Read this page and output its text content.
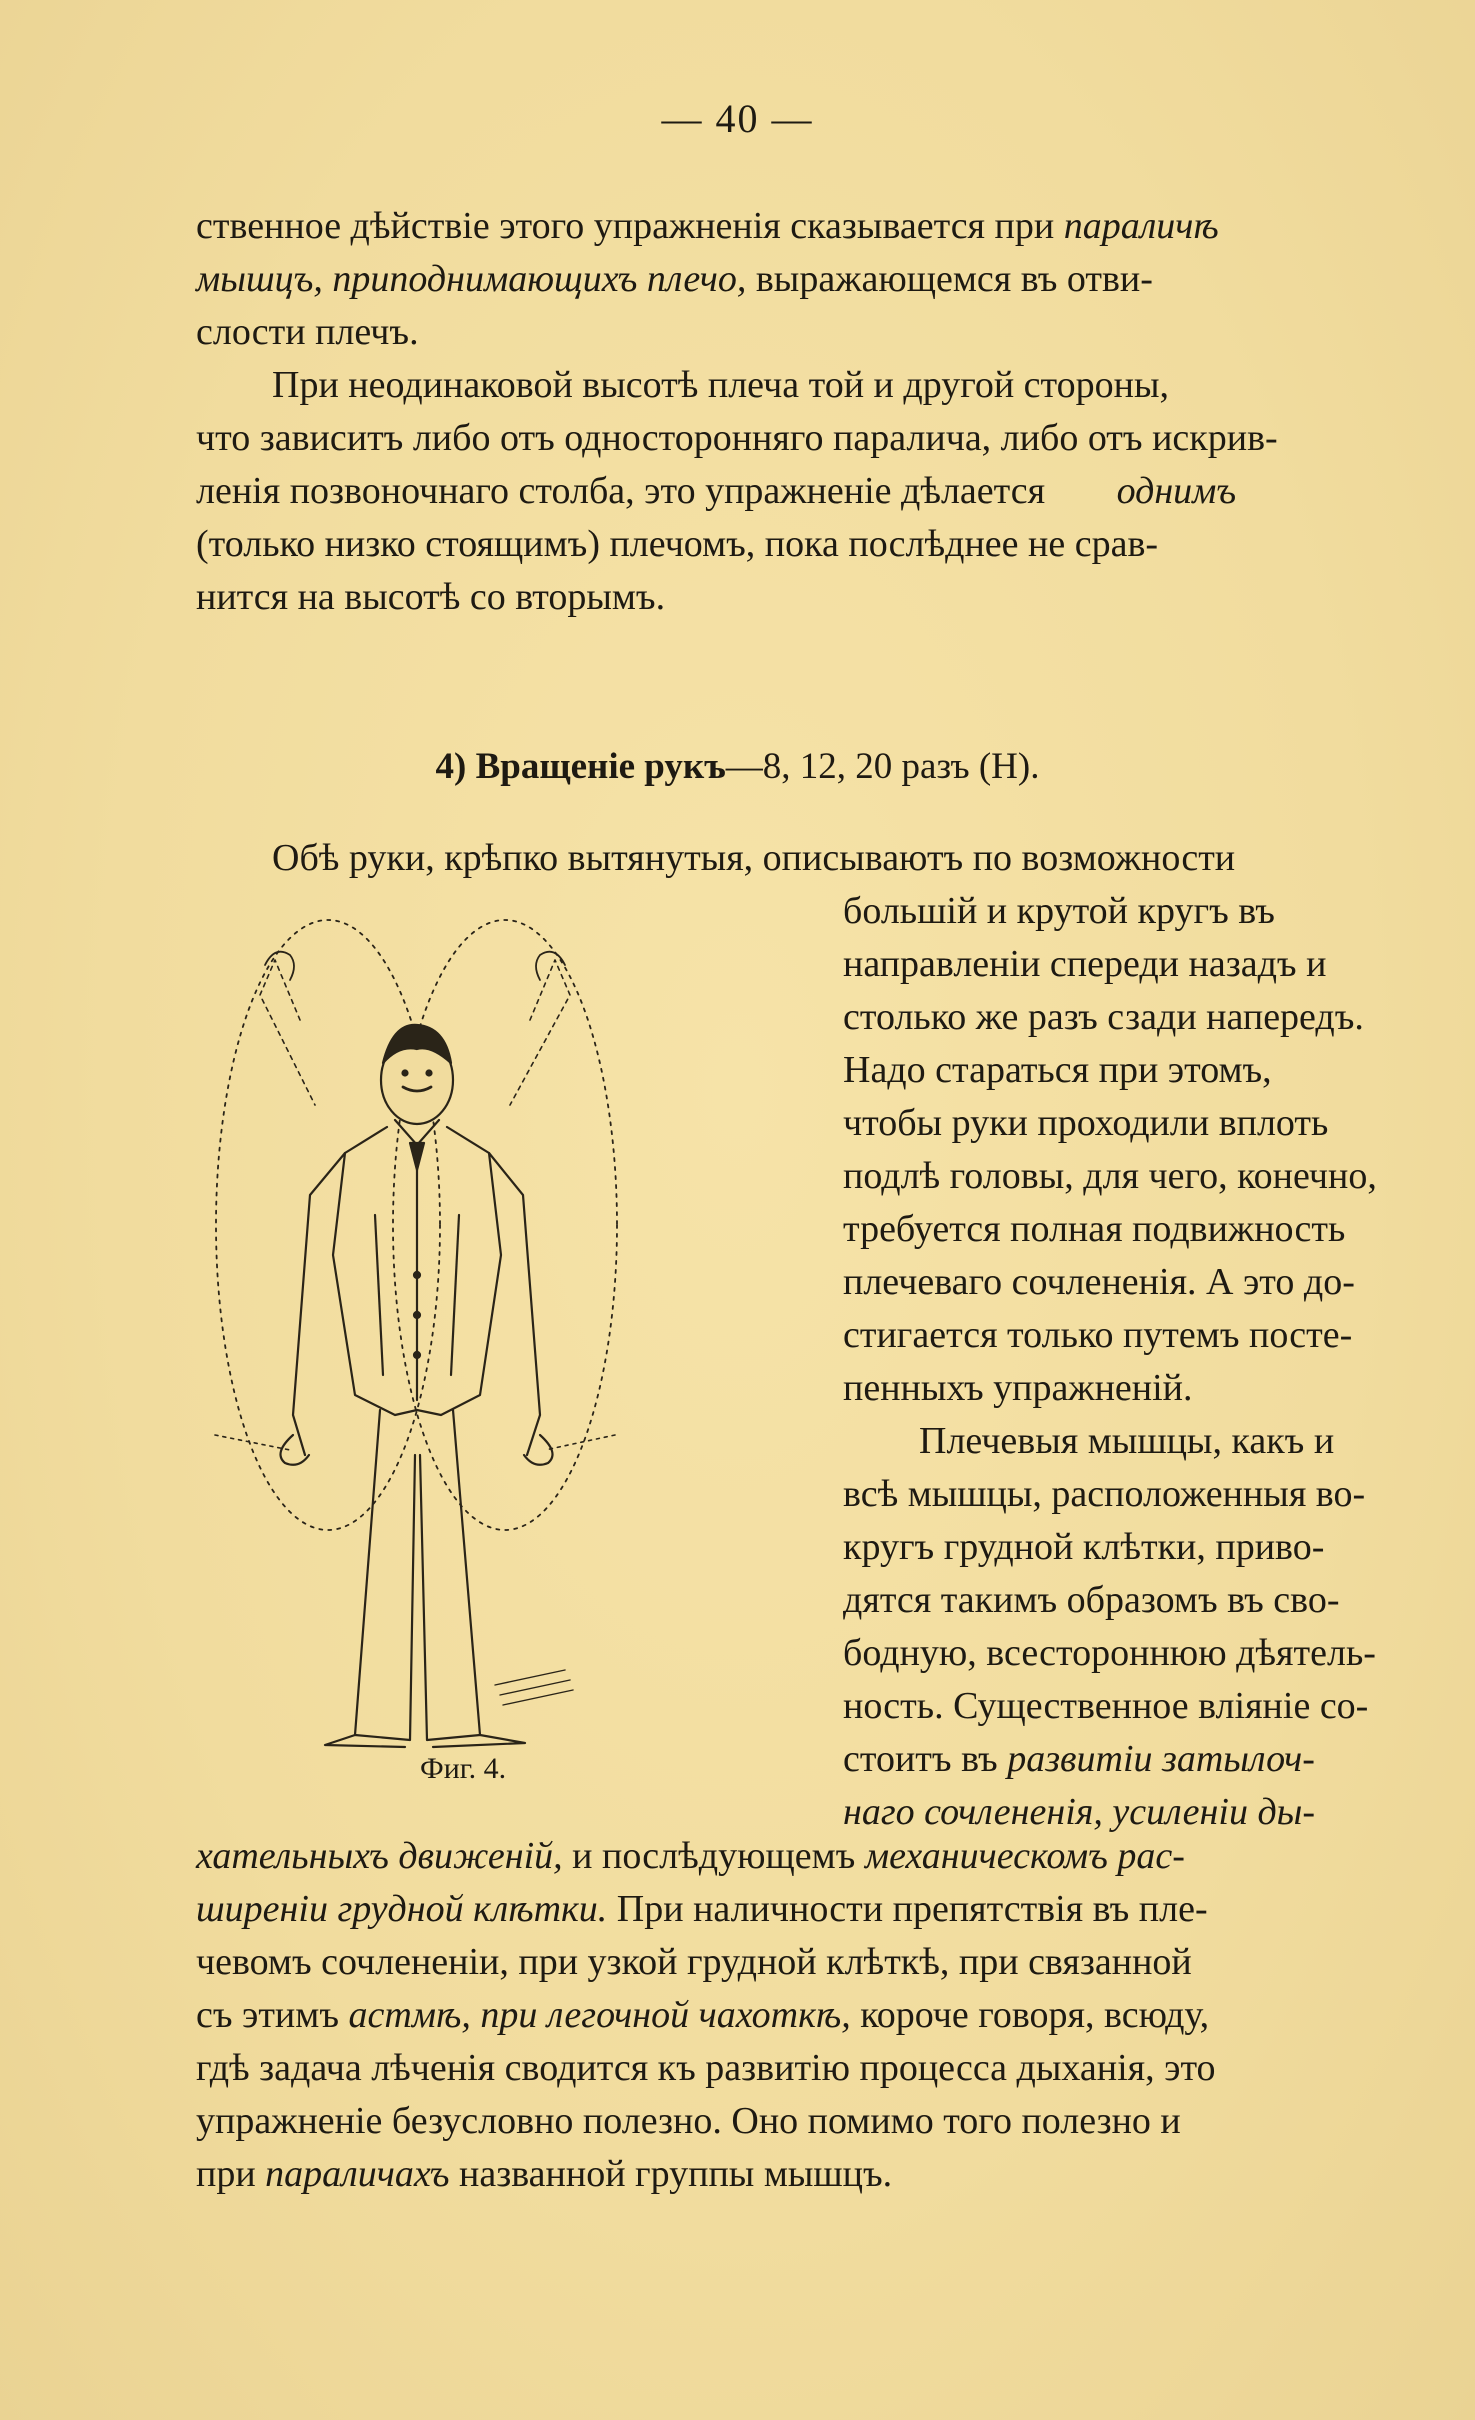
— 40 —
ственное дѣйствіе этого упражненія сказывается при параличѣ
мышцъ, приподнимающихъ плечо, выражающемся въ отви-
слости плечъ.
При неодинаковой высотѣ плеча той и другой стороны,
что зависитъ либо отъ односторонняго паралича, либо отъ искрив-
ленія позвоночнаго столба, это упражненіе дѣлается однимъ
(только низко стоящимъ) плечомъ, пока послѣднее не срав-
нится на высотѣ со вторымъ.
4) Вращеніе рукъ—8, 12, 20 разъ (Н).
Обѣ руки, крѣпко вытянутыя, описываютъ по возможности
Фиг. 4.
большій и крутой кругъ въ
направленіи спереди назадъ и
столько же разъ сзади напередъ.
Надо стараться при этомъ,
чтобы руки проходили вплоть
подлѣ головы, для чего, конечно,
требуется полная подвижность
плечеваго сочлененія. А это до-
стигается только путемъ посте-
пенныхъ упражненій.
Плечевыя мышцы, какъ и
всѣ мышцы, расположенныя во-
кругъ грудной клѣтки, приво-
дятся такимъ образомъ въ сво-
бодную, всестороннюю дѣятель-
ность. Существенное вліяніе со-
стоитъ въ развитіи затылоч-
наго сочлененія, усиленіи ды-
хательныхъ движеній, и послѣдующемъ механическомъ рас-
ширеніи грудной клѣтки. При наличности препятствія въ пле-
чевомъ сочлененіи, при узкой грудной клѣткѣ, при связанной
съ этимъ астмѣ, при легочной чахоткѣ, короче говоря, всюду,
гдѣ задача лѣченія сводится къ развитію процесса дыханія, это
упражненіе безусловно полезно. Оно помимо того полезно и
при параличахъ названной группы мышцъ.
